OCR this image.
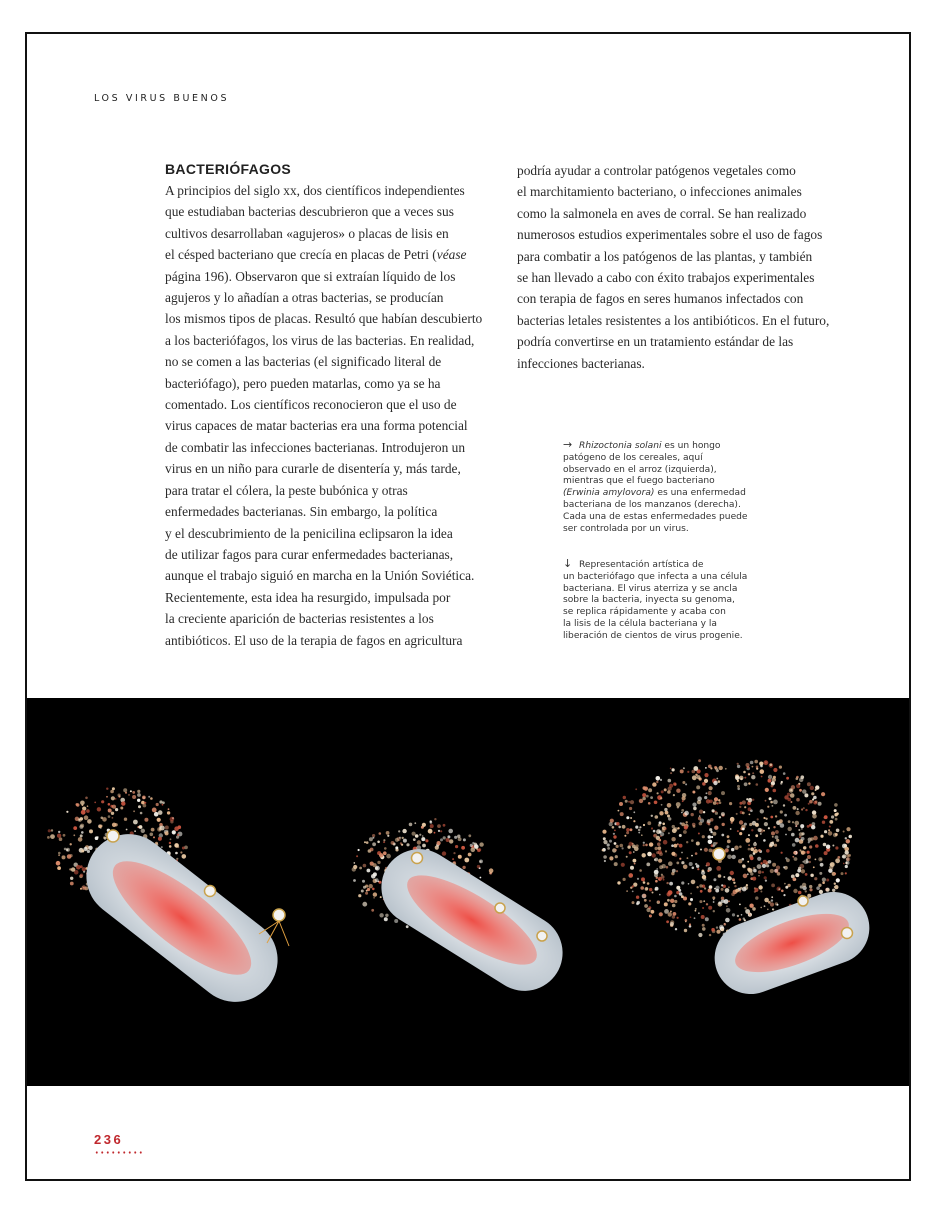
LOS VIRUS BUENOS
BACTERIÓFAGOS
A principios del siglo xx, dos científicos independientes
que estudiaban bacterias descubrieron que a veces sus
cultivos desarrollaban «agujeros» o placas de lisis en
el césped bacteriano que crecía en placas de Petri (véase
página 196). Observaron que si extraían líquido de los
agujeros y lo añadían a otras bacterias, se producían
los mismos tipos de placas. Resultó que habían descubierto
a los bacteriófagos, los virus de las bacterias. En realidad,
no se comen a las bacterias (el significado literal de
bacteriófago), pero pueden matarlas, como ya se ha
comentado. Los científicos reconocieron que el uso de
virus capaces de matar bacterias era una forma potencial
de combatir las infecciones bacterianas. Introdujeron un
virus en un niño para curarle de disentería y, más tarde,
para tratar el cólera, la peste bubónica y otras
enfermedades bacterianas. Sin embargo, la política
y el descubrimiento de la penicilina eclipsaron la idea
de utilizar fagos para curar enfermedades bacterianas,
aunque el trabajo siguió en marcha en la Unión Soviética.
Recientemente, esta idea ha resurgido, impulsada por
la creciente aparición de bacterias resistentes a los
antibióticos. El uso de la terapia de fagos en agricultura
podría ayudar a controlar patógenos vegetales como
el marchitamiento bacteriano, o infecciones animales
como la salmonela en aves de corral. Se han realizado
numerosos estudios experimentales sobre el uso de fagos
para combatir a los patógenos de las plantas, y también
se han llevado a cabo con éxito trabajos experimentales
con terapia de fagos en seres humanos infectados con
bacterias letales resistentes a los antibióticos. En el futuro,
podría convertirse en un tratamiento estándar de las
infecciones bacterianas.
→ Rhizoctonia solani es un hongo
patógeno de los cereales, aquí
observado en el arroz (izquierda),
mientras que el fuego bacteriano
(Erwinia amylovora) es una enfermedad
bacteriana de los manzanos (derecha).
Cada una de estas enfermedades puede
ser controlada por un virus.
↓ Representación artística de
un bacteriófago que infecta a una célula
bacteriana. El virus aterriza y se ancla
sobre la bacteria, inyecta su genoma,
se replica rápidamente y acaba con
la lisis de la célula bacteriana y la
liberación de cientos de virus progenie.
236
